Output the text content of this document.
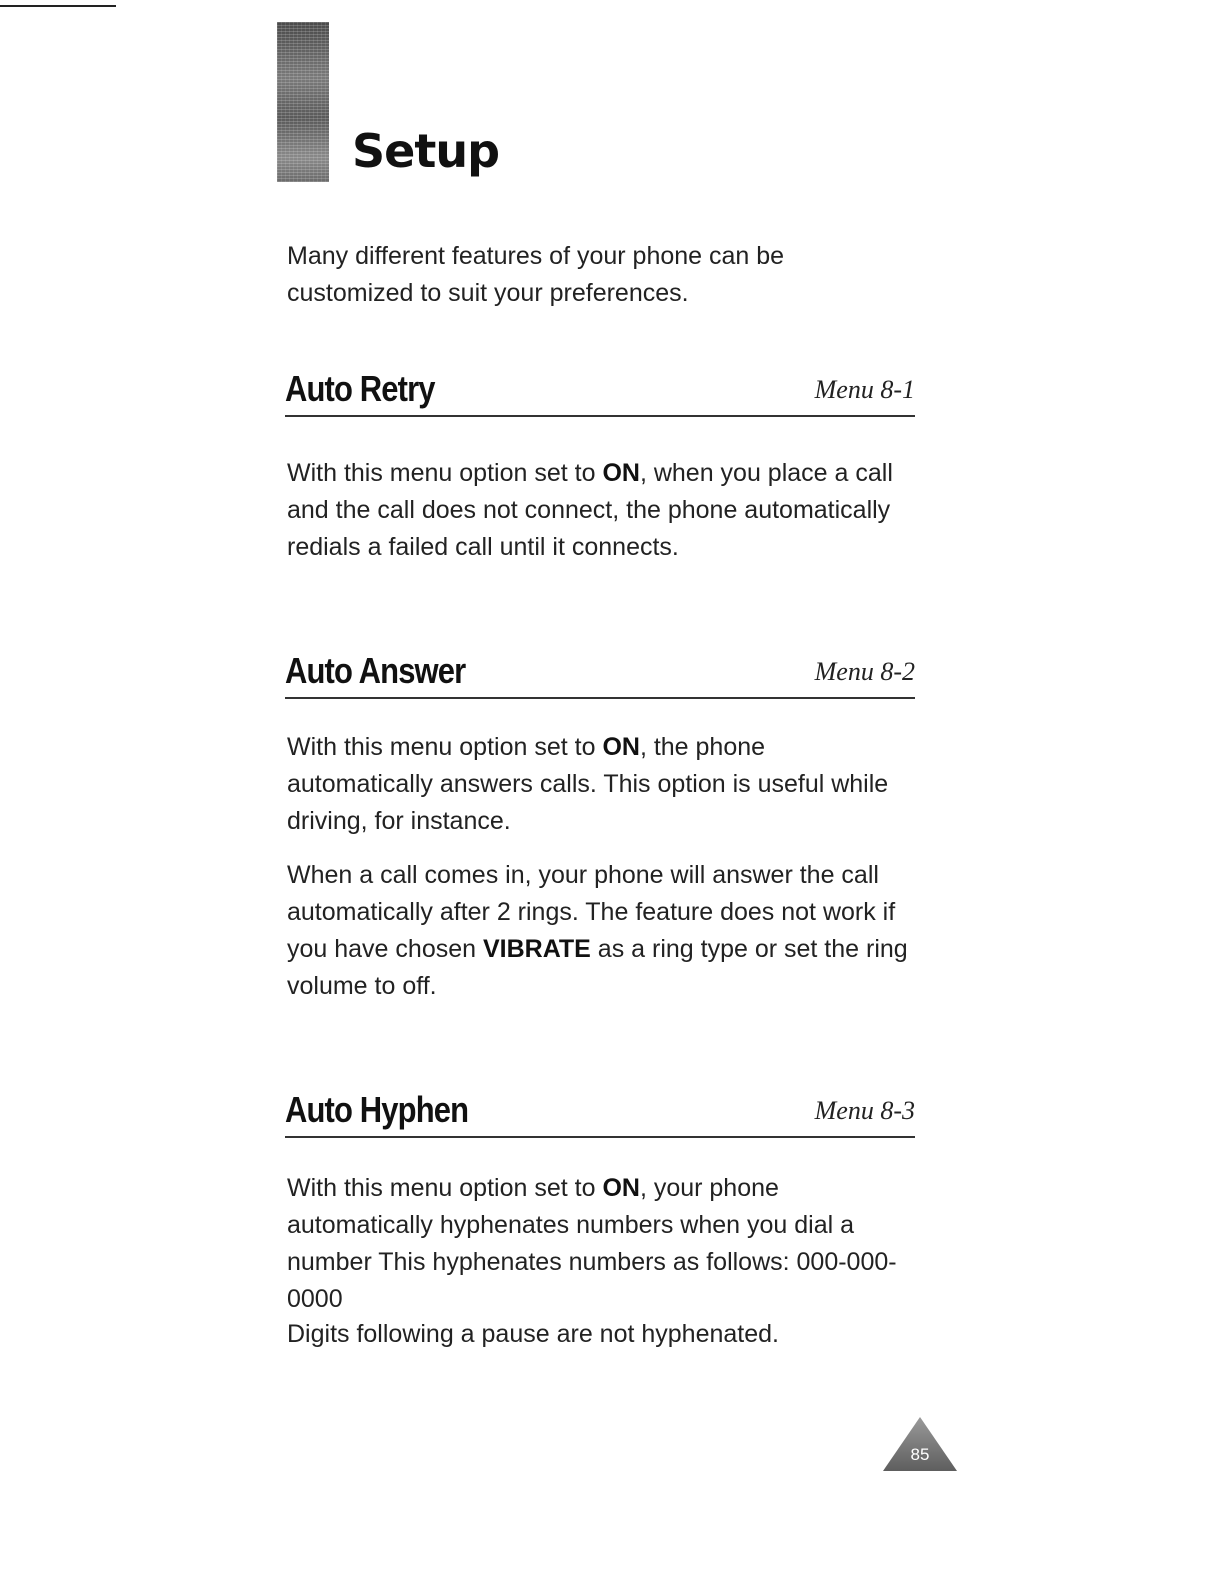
Setup

Many different features of your phone can be customized to suit your preferences.

Auto Retry	Menu 8-1

With this menu option set to ON, when you place a call and the call does not connect, the phone automatically redials a failed call until it connects.

Auto Answer	Menu 8-2

With this menu option set to ON, the phone automatically answers calls. This option is useful while driving, for instance.

When a call comes in, your phone will answer the call automatically after 2 rings. The feature does not work if you have chosen VIBRATE as a ring type or set the ring volume to off.

Auto Hyphen	Menu 8-3

With this menu option set to ON, your phone automatically hyphenates numbers when you dial a number This hyphenates numbers as follows: 000-000-0000

Digits following a pause are not hyphenated.

85
